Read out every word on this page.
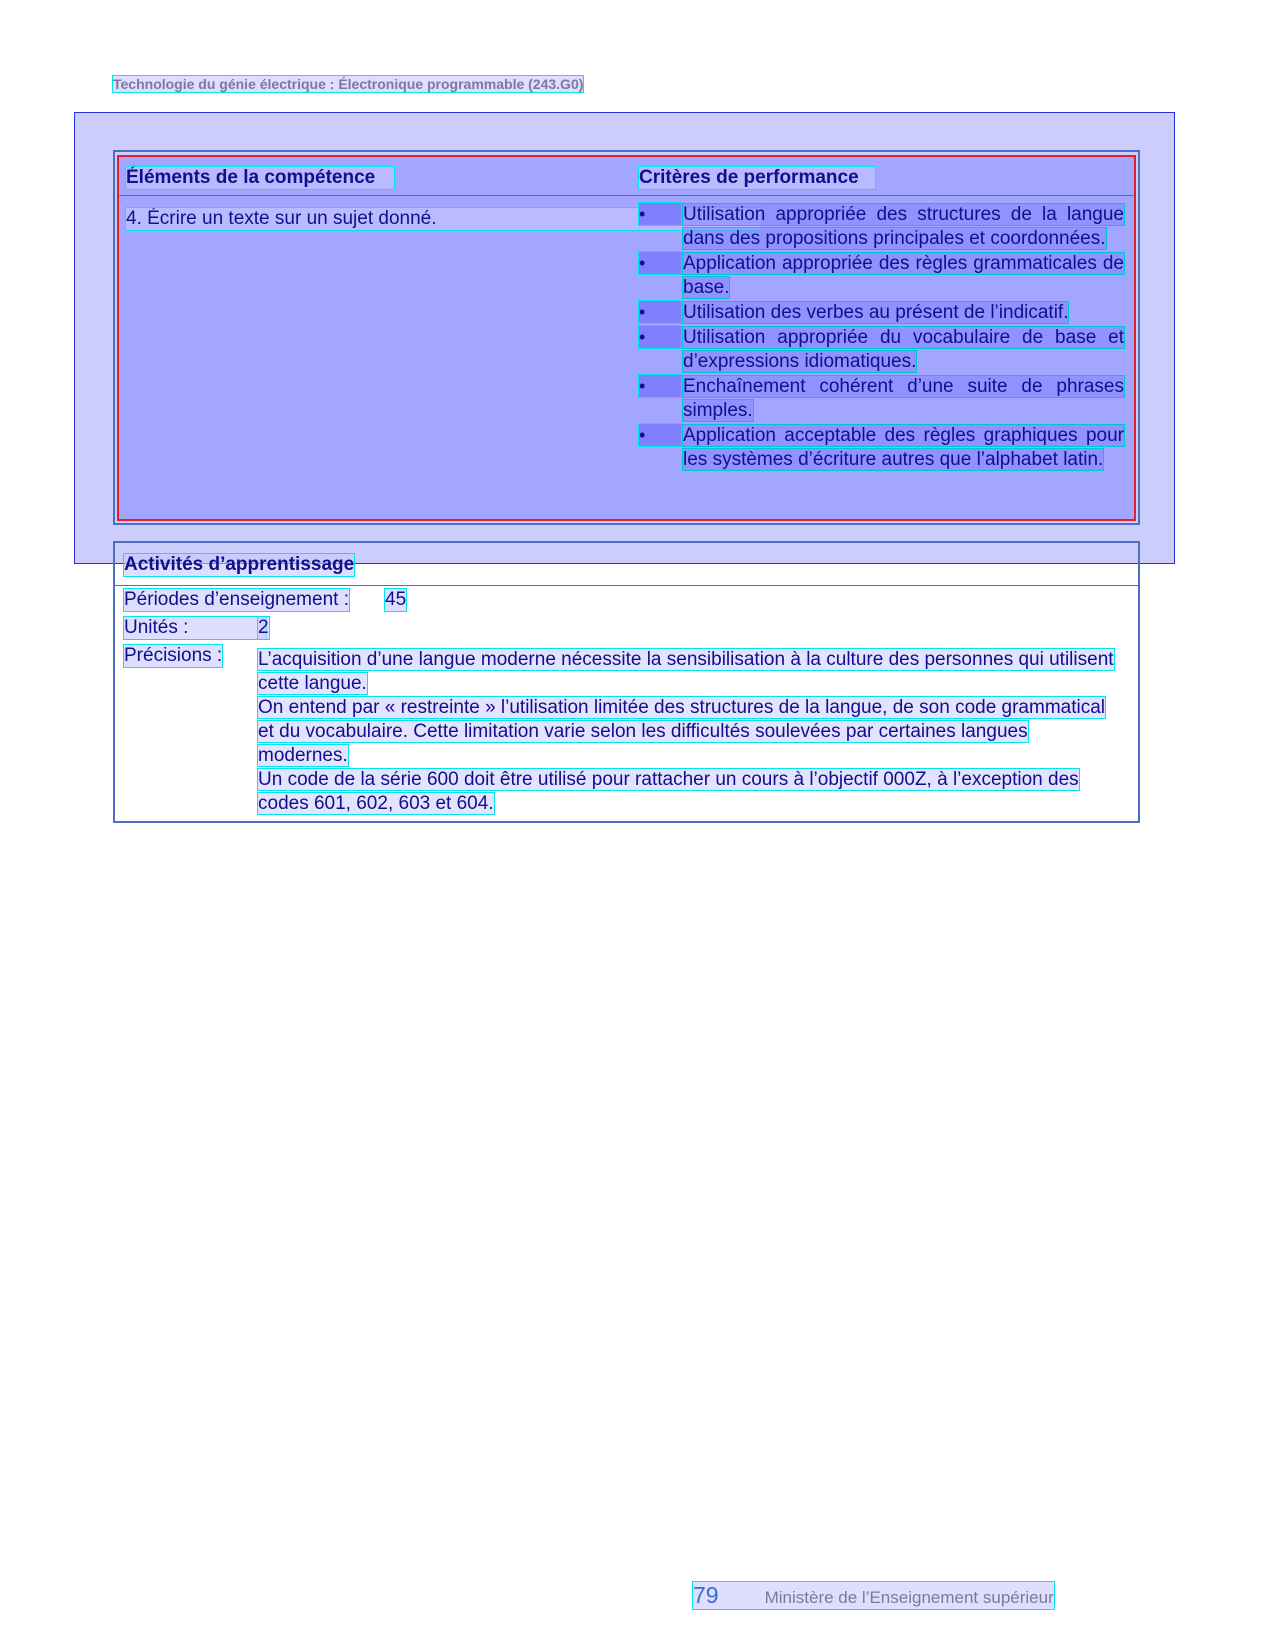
Technologie du génie électrique : Électronique programmable (243.G0)
Éléments de la compétence	Critères de performance
4. Écrire un texte sur un sujet donné.	•	Utilisation appropriée des structures de la langue dans des propositions principales et coordonnées.
•	Application appropriée des règles grammaticales de base.
•	Utilisation des verbes au présent de l’indicatif.
•	Utilisation appropriée du vocabulaire de base et d’expressions idiomatiques.
•	Enchaînement cohérent d’une suite de phrases simples.
•	Application acceptable des règles graphiques pour les systèmes d’écriture autres que l’alphabet latin.
Activités d’apprentissage
Périodes d’enseignement : 45
Unités :	2
Précisions : L’acquisition d’une langue moderne nécessite la sensibilisation à la culture des personnes qui utilisent cette langue.

On entend par « restreinte » l’utilisation limitée des structures de la langue, de son code grammatical et du vocabulaire. Cette limitation varie selon les difficultés soulevées par certaines langues modernes.

Un code de la série 600 doit être utilisé pour rattacher un cours à l’objectif 000Z, à l’exception des codes 601, 602, 603 et 604.

79	Ministère de l’Enseignement supérieur
